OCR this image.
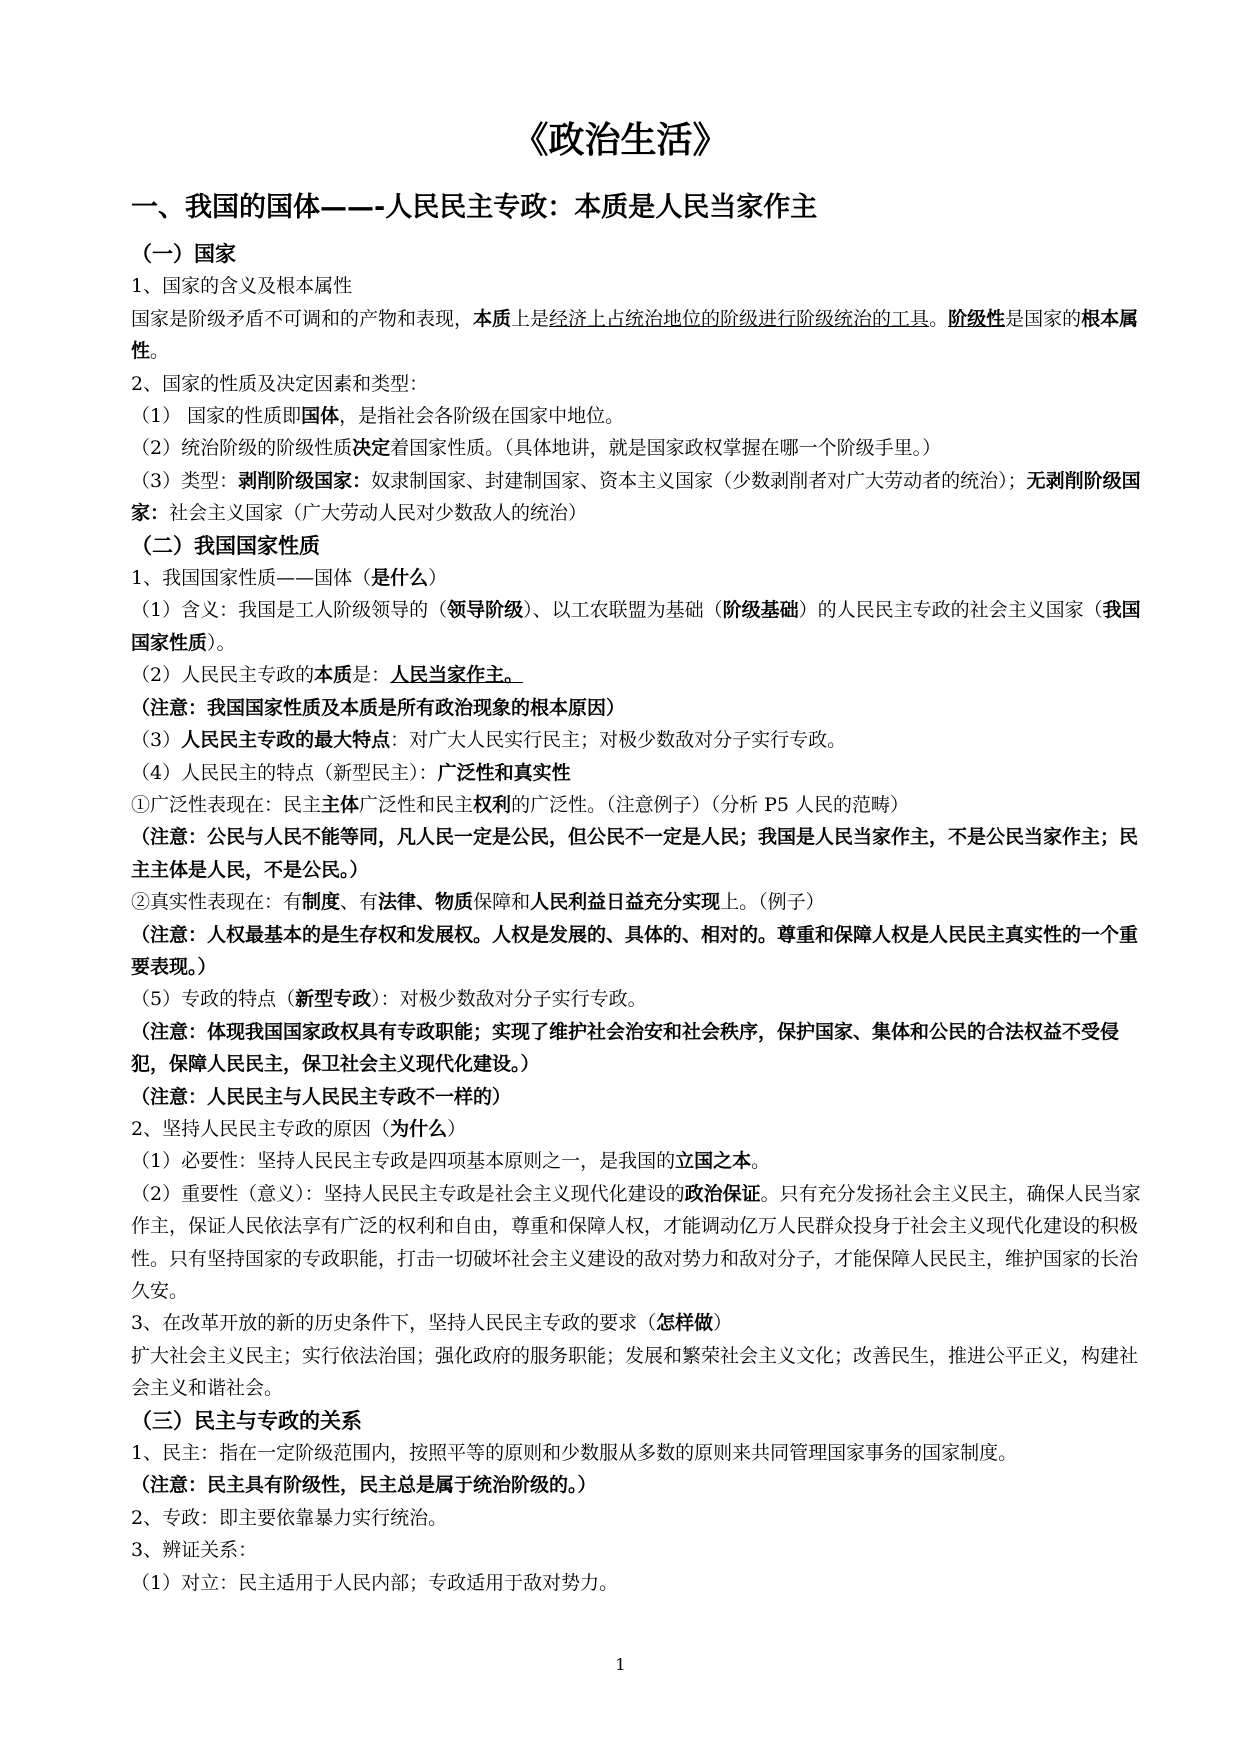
《政治生活》
一、我国的国体——-人民民主专政：本质是人民当家作主

（一）国家

1、国家的含义及根本属性

国家是阶级矛盾不可调和的产物和表现，本质上是经济上占统治地位的阶级进行阶级统治的工具。阶级性是国家的根本属性。

2、国家的性质及决定因素和类型：

（1） 国家的性质即国体，是指社会各阶级在国家中地位。

（2）统治阶级的阶级性质决定着国家性质。（具体地讲，就是国家政权掌握在哪一个阶级手里。）

（3）类型：剥削阶级国家：奴隶制国家、封建制国家、资本主义国家（少数剥削者对广大劳动者的统治）；无剥削阶级国家：社会主义国家（广大劳动人民对少数敌人的统治）

（二）我国国家性质

1、我国国家性质——国体（是什么）

（1）含义：我国是工人阶级领导的（领导阶级）、以工农联盟为基础（阶级基础）的人民民主专政的社会主义国家（我国国家性质）。

（2）人民民主专政的本质是：人民当家作主。

（注意：我国国家性质及本质是所有政治现象的根本原因）

（3）人民民主专政的最大特点：对广大人民实行民主；对极少数敌对分子实行专政。

（4）人民民主的特点（新型民主）：广泛性和真实性

①广泛性表现在：民主主体广泛性和民主权利的广泛性。（注意例子）（分析 P5 人民的范畴）

（注意：公民与人民不能等同，凡人民一定是公民，但公民不一定是人民；我国是人民当家作主，不是公民当家作主；民主主体是人民，不是公民。）

②真实性表现在：有制度、有法律、物质保障和人民利益日益充分实现上。（例子）

（注意：人权最基本的是生存权和发展权。人权是发展的、具体的、相对的。尊重和保障人权是人民民主真实性的一个重要表现。）

（5）专政的特点（新型专政）：对极少数敌对分子实行专政。

（注意：体现我国国家政权具有专政职能；实现了维护社会治安和社会秩序，保护国家、集体和公民的合法权益不受侵犯，保障人民民主，保卫社会主义现代化建设。）

（注意：人民民主与人民民主专政不一样的）

2、坚持人民民主专政的原因（为什么）

（1）必要性：坚持人民民主专政是四项基本原则之一，是我国的立国之本。

（2）重要性（意义）：坚持人民民主专政是社会主义现代化建设的政治保证。只有充分发扬社会主义民主，确保人民当家作主，保证人民依法享有广泛的权利和自由，尊重和保障人权，才能调动亿万人民群众投身于社会主义现代化建设的积极性。只有坚持国家的专政职能，打击一切破坏社会主义建设的敌对势力和敌对分子，才能保障人民民主，维护国家的长治久安。

3、在改革开放的新的历史条件下，坚持人民民主专政的要求（怎样做）

扩大社会主义民主；实行依法治国；强化政府的服务职能；发展和繁荣社会主义文化；改善民生，推进公平正义，构建社会主义和谐社会。

（三）民主与专政的关系

1、民主：指在一定阶级范围内，按照平等的原则和少数服从多数的原则来共同管理国家事务的国家制度。

（注意：民主具有阶级性，民主总是属于统治阶级的。）

2、专政：即主要依靠暴力实行统治。

3、辨证关系：

（1）对立：民主适用于人民内部；专政适用于敌对势力。

1
